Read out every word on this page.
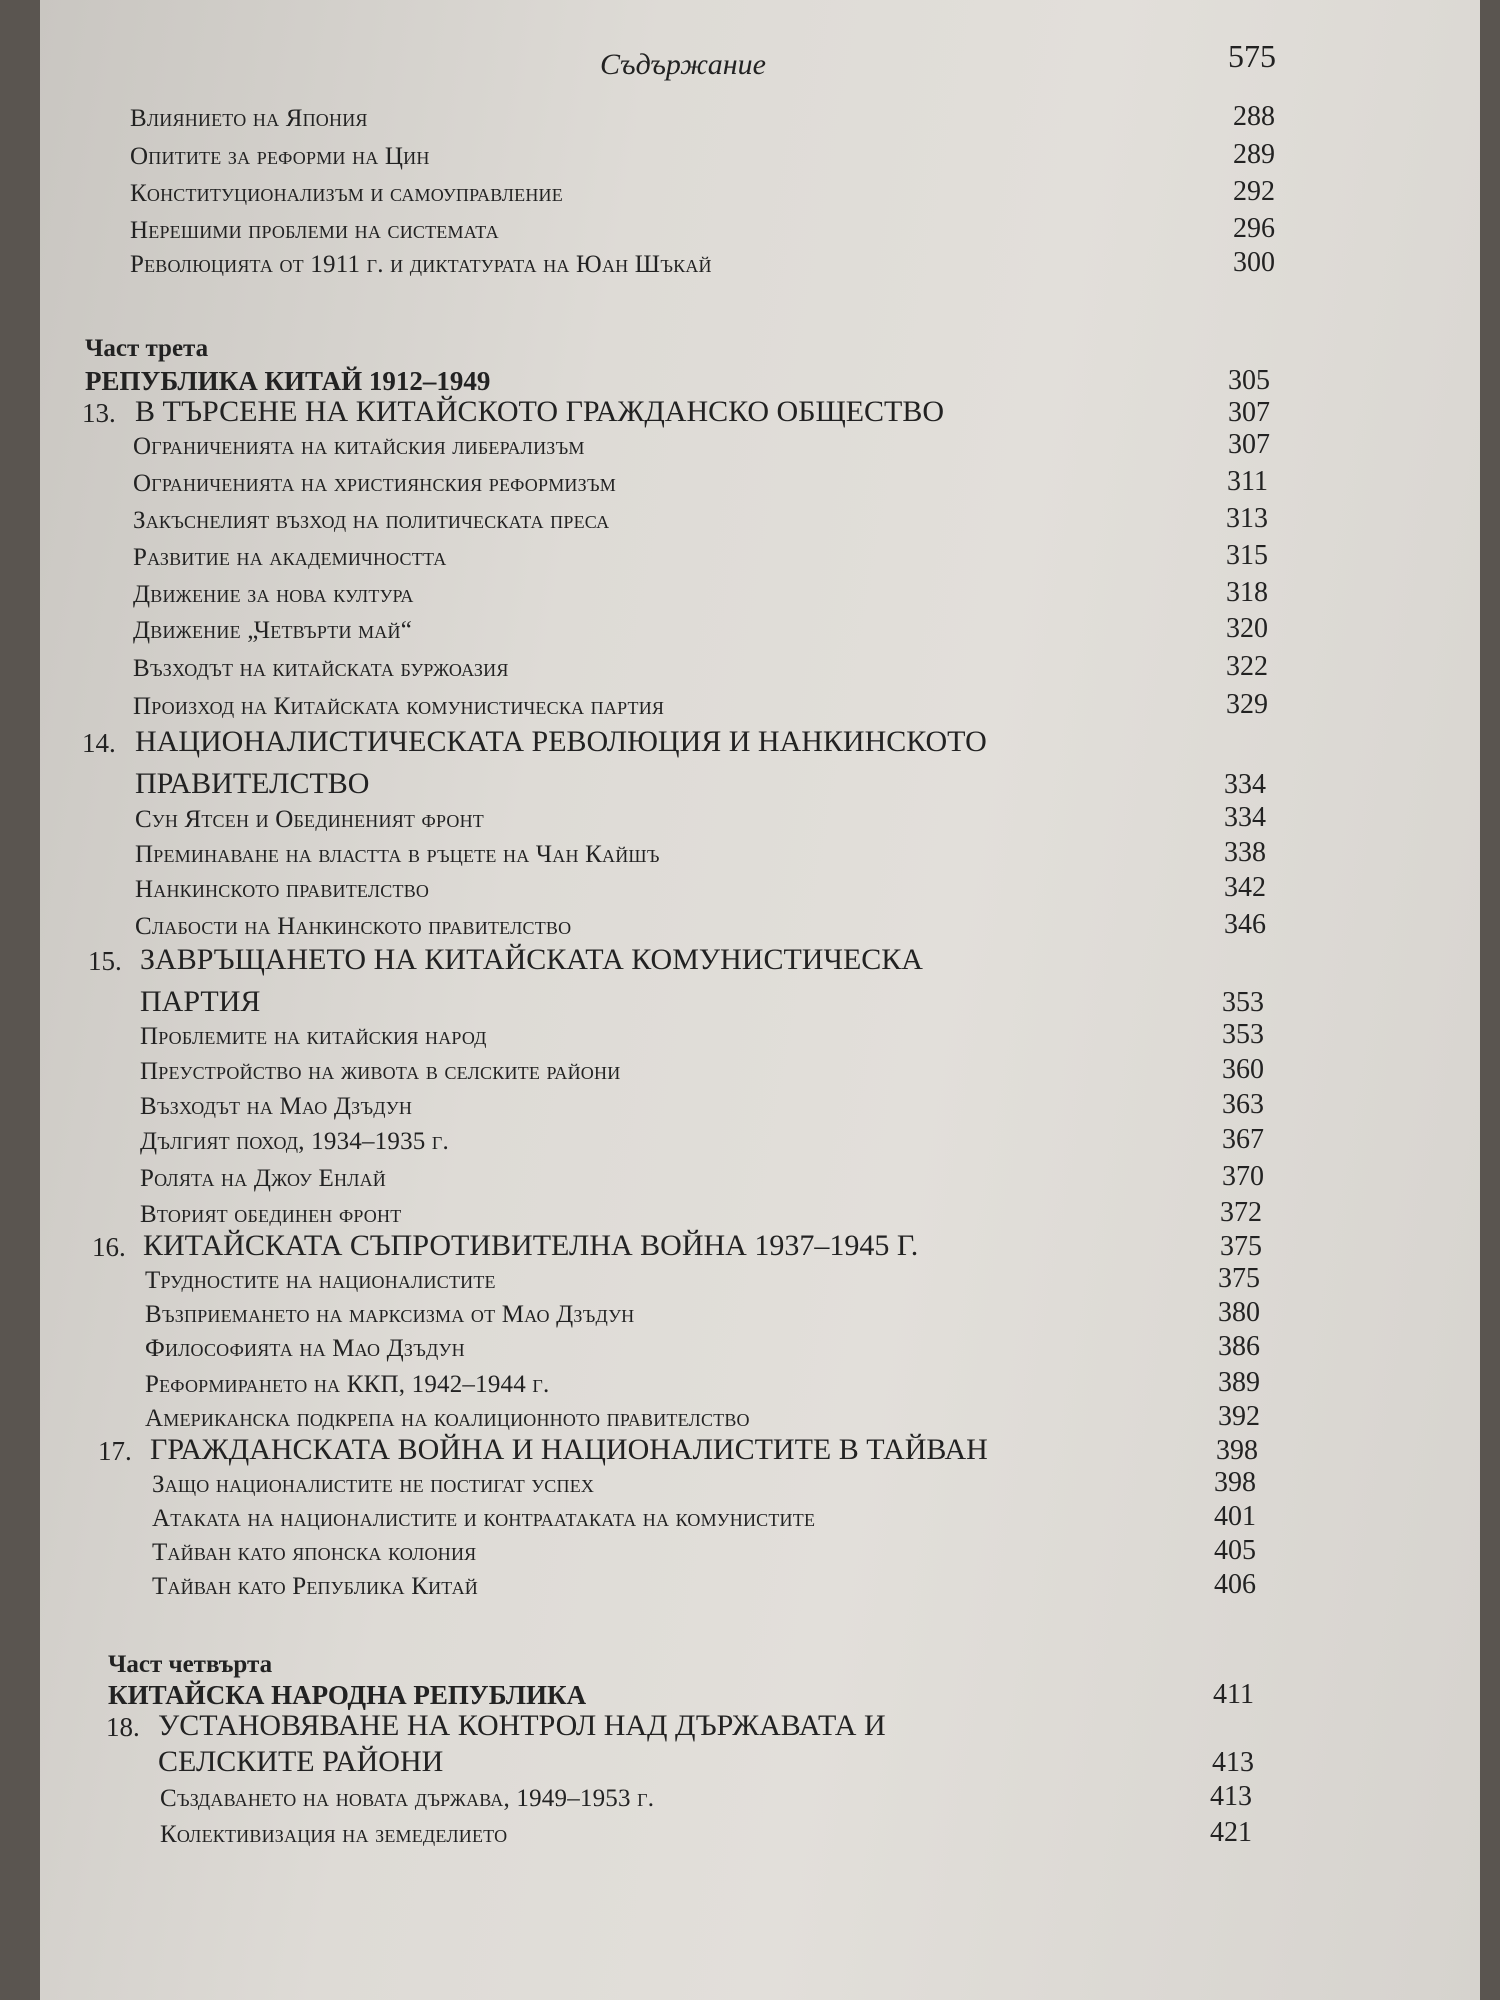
Съдържание	575
Влиянието на Япония	288
Опитите за реформи на Цин	289
Конституционализъм и самоуправление	292
Нерешими проблеми на системата	296
Революцията от 1911 г. и диктатурата на Юан Шъкай	300
Част трета
РЕПУБЛИКА КИТАЙ 1912–1949	305
13. В ТЪРСЕНЕ НА КИТАЙСКОТО ГРАЖДАНСКО ОБЩЕСТВО	307
Ограниченията на китайския либерализъм	307
Ограниченията на християнския реформизъм	311
Закъснелият възход на политическата преса	313
Развитие на академичността	315
Движение за нова култура	318
Движение „Четвърти май“	320
Възходът на китайската буржоазия	322
Произход на Китайската комунистическа партия	329
14. НАЦИОНАЛИСТИЧЕСКАТА РЕВОЛЮЦИЯ И НАНКИНСКОТО
ПРАВИТЕЛСТВО	334
Сун Ятсен и Обединеният фронт	334
Преминаване на властта в ръцете на Чан Кайшъ	338
Нанкинското правителство	342
Слабости на Нанкинското правителство	346
15. ЗАВРЪЩАНЕТО НА КИТАЙСКАТА КОМУНИСТИЧЕСКА
ПАРТИЯ	353
Проблемите на китайския народ	353
Преустройство на живота в селските райони	360
Възходът на Мао Дзъдун	363
Дългият поход, 1934–1935 г.	367
Ролята на Джоу Енлай	370
Вторият обединен фронт	372
16. КИТАЙСКАТА СЪПРОТИВИТЕЛНА ВОЙНА 1937–1945 Г.	375
Трудностите на националистите	375
Възприемането на марксизма от Мао Дзъдун	380
Философията на Мао Дзъдун	386
Реформирането на ККП, 1942–1944 г.	389
Американска подкрепа на коалиционното правителство	392
17. ГРАЖДАНСКАТА ВОЙНА И НАЦИОНАЛИСТИТЕ В ТАЙВАН	398
Защо националистите не постигат успех	398
Атаката на националистите и контраатаката на комунистите	401
Тайван като японска колония	405
Тайван като Република Китай	406
Част четвърта
КИТАЙСКА НАРОДНА РЕПУБЛИКА	411
18. УСТАНОВЯВАНЕ НА КОНТРОЛ НАД ДЪРЖАВАТА И
СЕЛСКИТЕ РАЙОНИ	413
Създаването на новата държава, 1949–1953 г.	413
Колективизация на земеделието	421
